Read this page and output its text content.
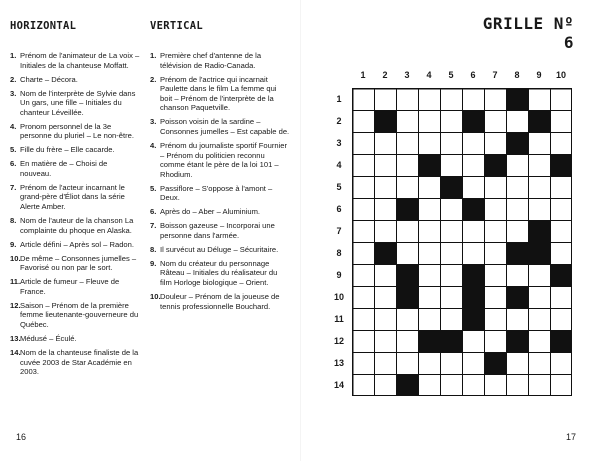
HORIZONTAL
1. Prénom de l'animateur de La voix – Initiales de la chanteuse Moffatt.
2. Charte – Décora.
3. Nom de l'interprète de Sylvie dans Un gars, une fille – Initiales du chanteur Léveillée.
4. Pronom personnel de la 3e personne du pluriel – Le non-être.
5. Fille du frère – Elle cacarde.
6. En matière de – Choisi de nouveau.
7. Prénom de l'acteur incarnant le grand-père d'Éliot dans la série Alerte Amber.
8. Nom de l'auteur de la chanson La complainte du phoque en Alaska.
9. Article défini – Après sol – Radon.
10. De même – Consonnes jumelles – Favorisé ou non par le sort.
11. Article de fumeur – Fleuve de France.
12. Saison – Prénom de la première femme lieutenante-gouverneure du Québec.
13. Médusé – Éculé.
14. Nom de la chanteuse finaliste de la cuvée 2003 de Star Académie en 2003.
VERTICAL
1. Première chef d'antenne de la télévision de Radio-Canada.
2. Prénom de l'actrice qui incarnait Paulette dans le film La femme qui boit – Prénom de l'interprète de la chanson Paquetville.
3. Poisson voisin de la sardine – Consonnes jumelles – Est capable de.
4. Prénom du journaliste sportif Fournier – Prénom du politicien reconnu comme étant le père de la loi 101 – Rhodium.
5. Passiflore – S'oppose à l'amont – Deux.
6. Après do – Aber – Aluminium.
7. Boisson gazeuse – Incorporai une personne dans l'armée.
8. Il survécut au Déluge – Sécuritaire.
9. Nom du créateur du personnage Râteau – Initiales du réalisateur du film Horloge biologique – Orient.
10. Douleur – Prénom de la joueuse de tennis professionnelle Bouchard.
GRILLE Nº 6
1	2	3	4	5	6	7	8	9	10
1
2
3
4
5
6
7
8
9
10
11
12
13
14
16	17
